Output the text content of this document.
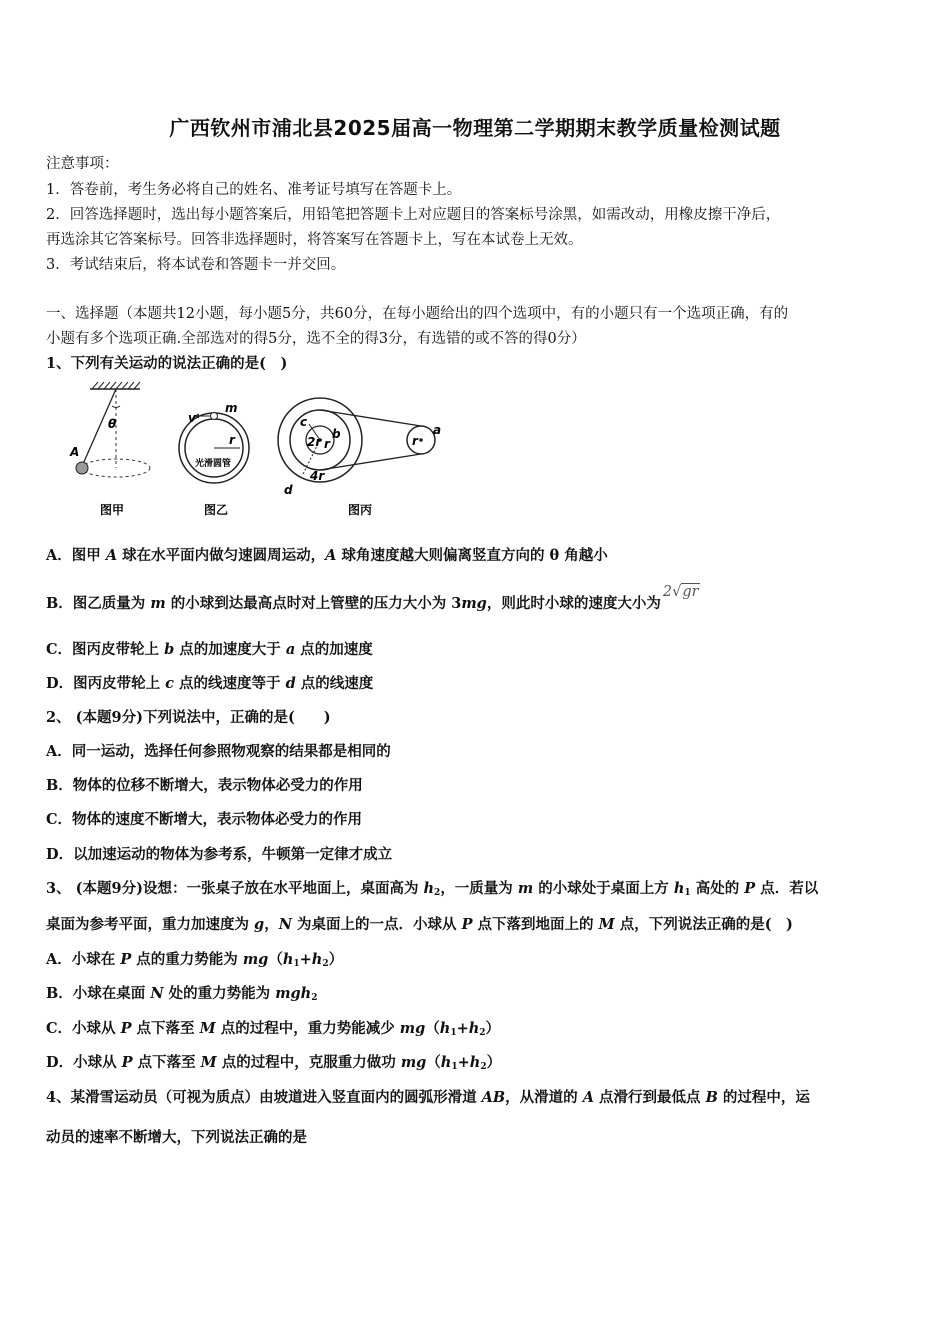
广西钦州市浦北县2025届高一物理第二学期期末教学质量检测试题
注意事项：
1．答卷前，考生务必将自己的姓名、准考证号填写在答题卡上。
2．回答选择题时，选出每小题答案后，用铅笔把答题卡上对应题目的答案标号涂黑，如需改动，用橡皮擦干净后，
再选涂其它答案标号。回答非选择题时，将答案写在答题卡上，写在本试卷上无效。
3．考试结束后，将本试卷和答题卡一并交回。
一、选择题（本题共12小题，每小题5分，共60分，在每小题给出的四个选项中，有的小题只有一个选项正确，有的
小题有多个选项正确.全部选对的得5分，选不全的得3分，有选错的或不答的得0分）
1、下列有关运动的说法正确的是(　)
θ
A
图甲
v
m
r
光滑圆管
图乙
c
2r r
b
4r
d
r
a
图丙
A．图甲 A 球在水平面内做匀速圆周运动，A 球角速度越大则偏离竖直方向的 θ 角越小
B．图乙质量为 m 的小球到达最高点时对上管壁的压力大小为 3mg，则此时小球的速度大小为2√gr
C．图丙皮带轮上 b 点的加速度大于 a 点的加速度
D．图丙皮带轮上 c 点的线速度等于 d 点的线速度
2、 (本题9分)下列说法中，正确的是(　　)
A．同一运动，选择任何参照物观察的结果都是相同的
B．物体的位移不断增大，表示物体必受力的作用
C．物体的速度不断增大，表示物体必受力的作用
D．以加速运动的物体为参考系，牛顿第一定律才成立
3、 (本题9分)设想：一张桌子放在水平地面上，桌面高为 $h_2$，一质量为 m 的小球处于桌面上方 $h_1$ 高处的 P 点．若以
桌面为参考平面，重力加速度为 g，N 为桌面上的一点．小球从 P 点下落到地面上的 M 点，下列说法正确的是(　)
A．小球在 P 点的重力势能为 $mg(h_1+h_2)$
B．小球在桌面 N 处的重力势能为 mgh$_2$
C．小球从 P 点下落至 M 点的过程中，重力势能减少 $mg(h_1+h_2)$
D．小球从 P 点下落至 M 点的过程中，克服重力做功 $mg(h_1+h_2)$
4、某滑雪运动员（可视为质点）由坡道进入竖直面内的圆弧形滑道 AB，从滑道的 A 点滑行到最低点 B 的过程中，运
动员的速率不断增大，下列说法正确的是
